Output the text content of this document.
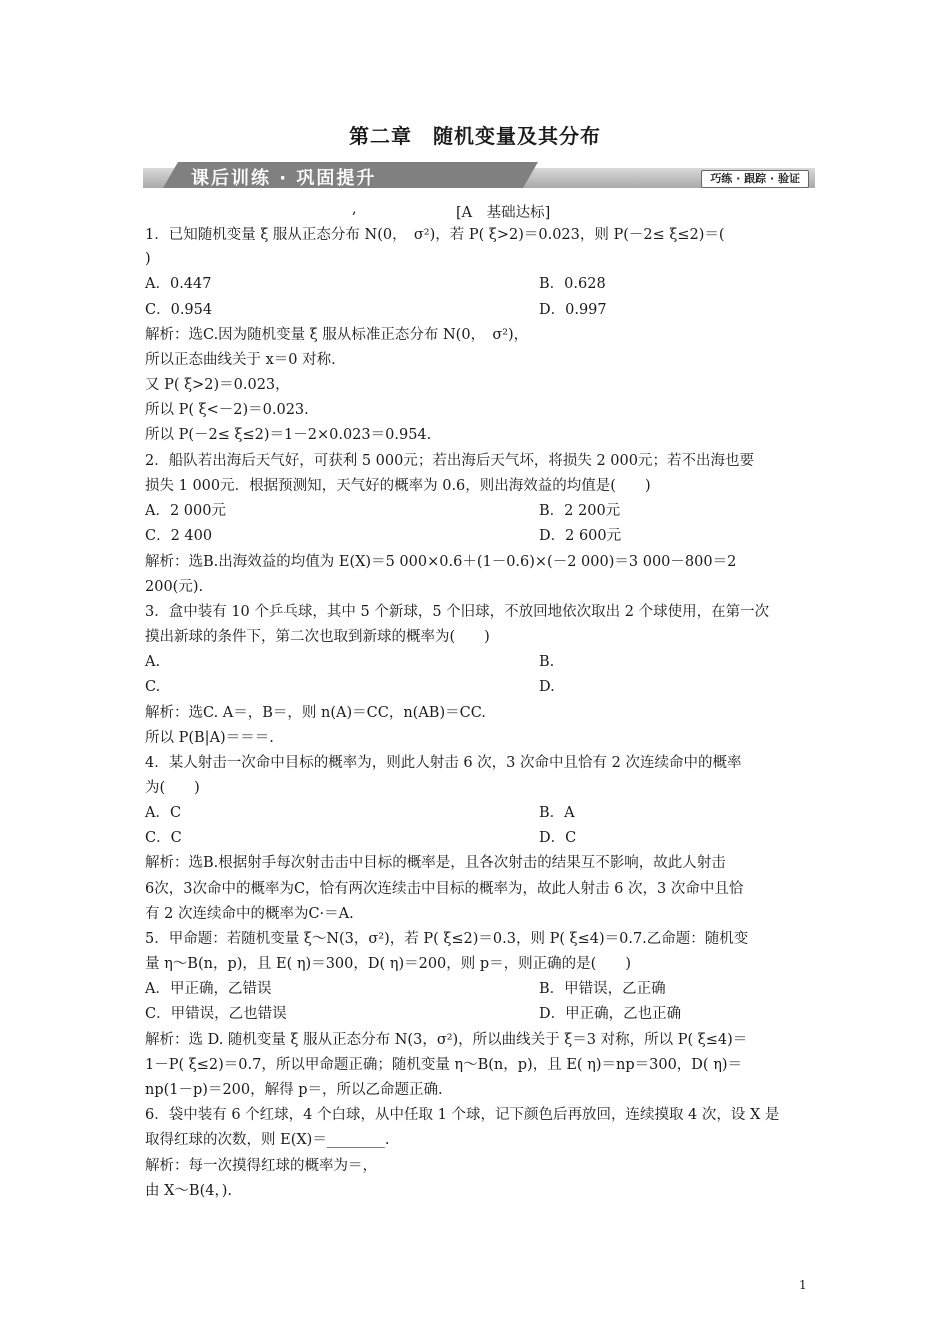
第二章　随机变量及其分布
课后训练 · 巩固提升	巧练 · 跟踪 · 验证
,	[A　基础达标]
1．已知随机变量 ξ 服从正态分布 N(0，　σ²)，若 P( ξ>2)＝0.023，则 P(－2≤ ξ≤2)＝(
)
A．0.447	B．0.628
C．0.954	D．0.997
解析：选C.因为随机变量 ξ 服从标准正态分布 N(0，　σ²)，
所以正态曲线关于 x＝0 对称.
又 P( ξ>2)＝0.023，
所以 P( ξ<－2)＝0.023.
所以 P(－2≤ ξ≤2)＝1－2×0.023＝0.954.
2．船队若出海后天气好，可获利 5 000元；若出海后天气坏，将损失 2 000元；若不出海也要
损失 1 000元．根据预测知，天气好的概率为 0.6，则出海效益的均值是(　　)
A．2 000元	B．2 200元
C．2 400	D．2 600元
解析：选B.出海效益的均值为 E(X)＝5 000×0.6＋(1－0.6)×(－2 000)＝3 000－800＝2
200(元).
3．盒中装有 10 个乒乓球，其中 5 个新球，5 个旧球，不放回地依次取出 2 个球使用，在第一次
摸出新球的条件下，第二次也取到新球的概率为(　　)
A.	B.
C.	D.
解析：选C. A＝，B＝，则 n(A)＝CC，n(AB)＝CC.
所以 P(B|A)＝＝＝.
4．某人射击一次命中目标的概率为，则此人射击 6 次，3 次命中且恰有 2 次连续命中的概率
为(　　)
A．C	B．A
C．C	D．C
解析：选B.根据射手每次射击击中目标的概率是，且各次射击的结果互不影响，故此人射击
6次，3次命中的概率为C，恰有两次连续击中目标的概率为，故此人射击 6 次，3 次命中且恰
有 2 次连续命中的概率为C·＝A.
5．甲命题：若随机变量 ξ～N(3，σ²)，若 P( ξ≤2)＝0.3，则 P( ξ≤4)＝0.7.乙命题：随机变
量 η～B(n，p)，且 E( η)＝300，D( η)＝200，则 p＝，则正确的是(　　)
A．甲正确，乙错误	B．甲错误，乙正确
C．甲错误，乙也错误	D．甲正确，乙也正确
解析：选 D. 随机变量 ξ 服从正态分布 N(3，σ²)，所以曲线关于 ξ＝3 对称，所以 P( ξ≤4)＝
1－P( ξ≤2)＝0.7，所以甲命题正确；随机变量 η～B(n，p)，且 E( η)＝np＝300，D( η)＝
np(1－p)＝200，解得 p＝，所以乙命题正确.
6．袋中装有 6 个红球，4 个白球，从中任取 1 个球，记下颜色后再放回，连续摸取 4 次，设 X 是
取得红球的次数，则 E(X)＝________.
解析：每一次摸得红球的概率为＝，
由 X～B(4，).
1
